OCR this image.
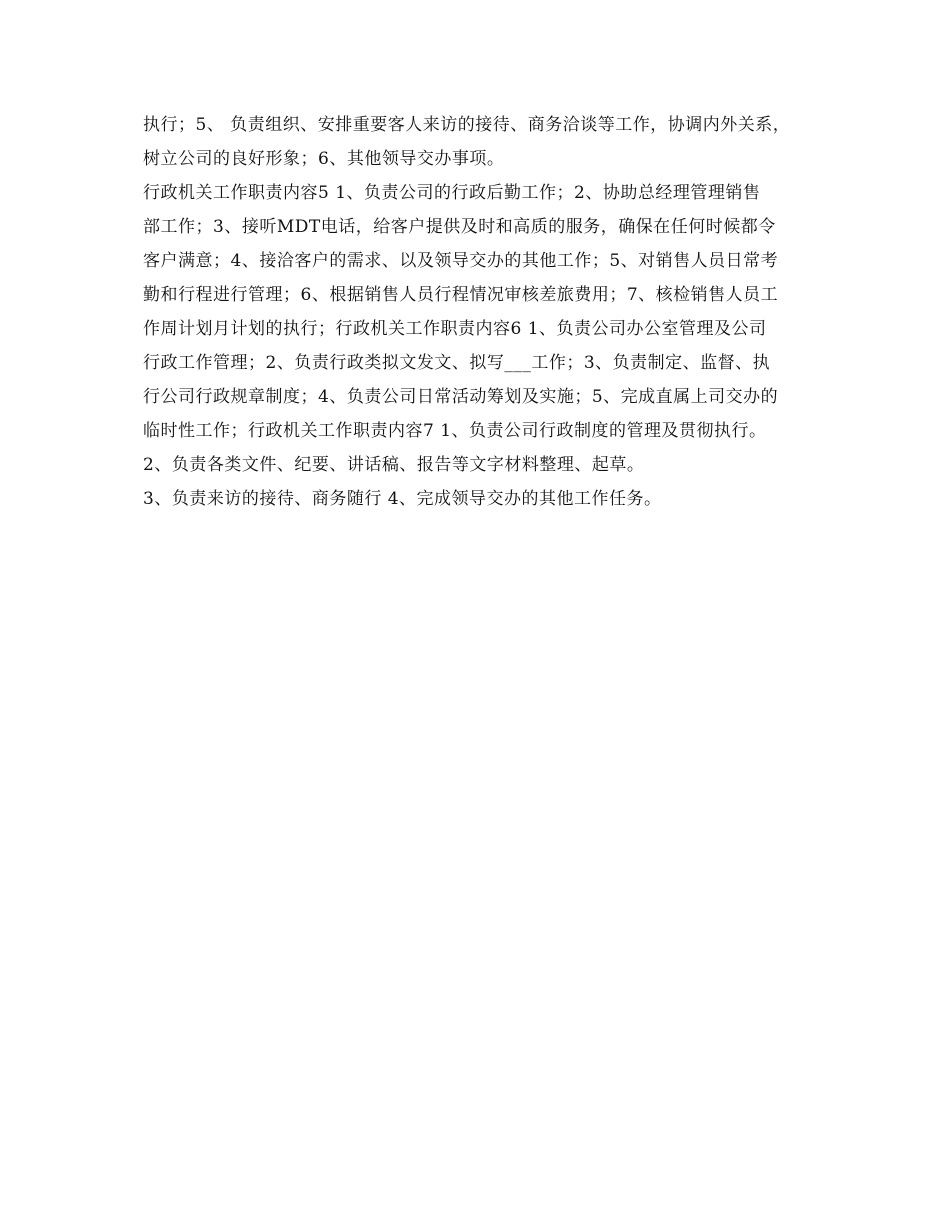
执行；5、 负责组织、安排重要客人来访的接待、商务洽谈等工作，协调内外关系，
树立公司的良好形象；6、其他领导交办事项。
行政机关工作职责内容5 1、负责公司的行政后勤工作；2、协助总经理管理销售
部工作；3、接听MDT电话，给客户提供及时和高质的服务，确保在任何时候都令
客户满意；4、接洽客户的需求、以及领导交办的其他工作；5、对销售人员日常考
勤和行程进行管理；6、根据销售人员行程情况审核差旅费用；7、核检销售人员工
作周计划月计划的执行；行政机关工作职责内容6 1、负责公司办公室管理及公司
行政工作管理；2、负责行政类拟文发文、拟写___工作；3、负责制定、监督、执
行公司行政规章制度；4、负责公司日常活动筹划及实施；5、完成直属上司交办的
临时性工作；行政机关工作职责内容7 1、负责公司行政制度的管理及贯彻执行。
2、负责各类文件、纪要、讲话稿、报告等文字材料整理、起草。
3、负责来访的接待、商务随行 4、完成领导交办的其他工作任务。
